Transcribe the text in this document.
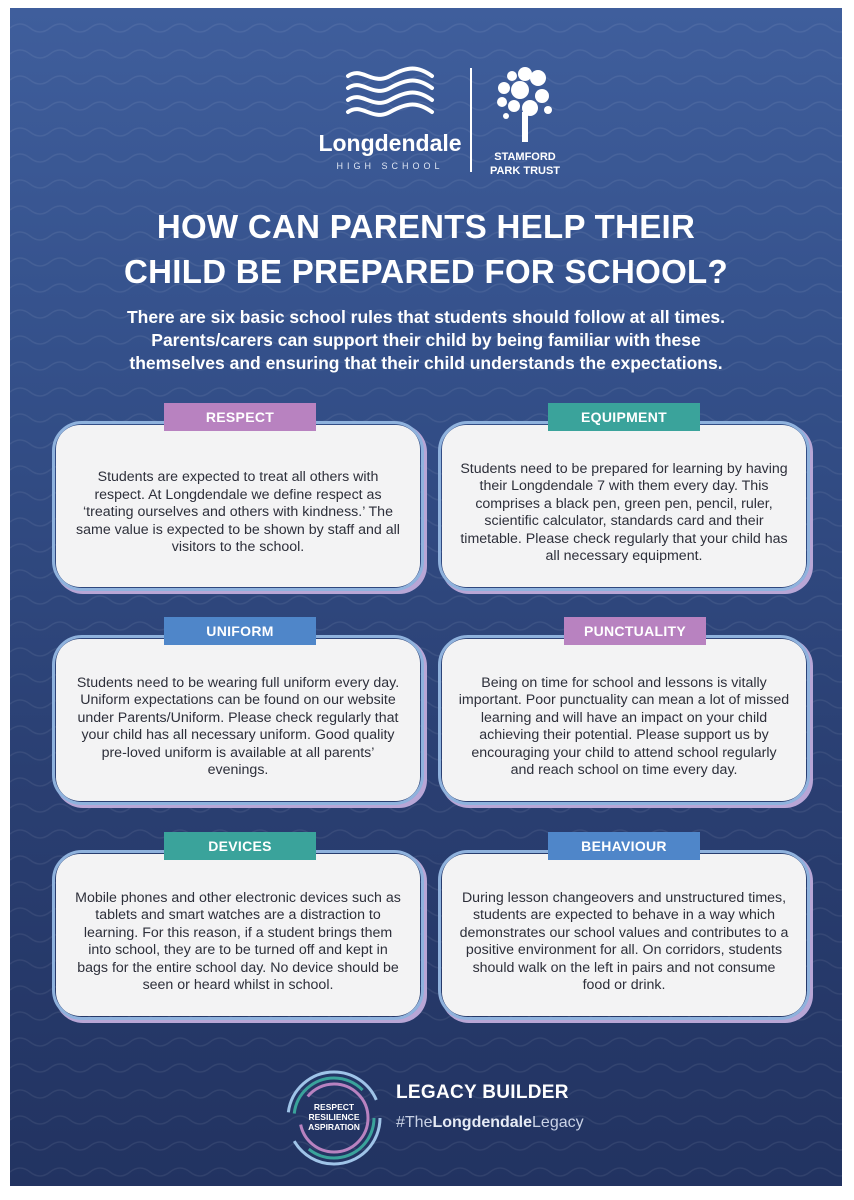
Longdendale
HIGH SCHOOL
STAMFORD
PARK TRUST
HOW CAN PARENTS HELP THEIR
CHILD BE PREPARED FOR SCHOOL?
There are six basic school rules that students should follow at all times.
Parents/carers can support their child by being familiar with these
themselves and ensuring that their child understands the expectations.
Students are expected to treat all others with respect. At Longdendale we define respect as ‘treating ourselves and others with kindness.’ The same value is expected to be shown by staff and all visitors to the school.
Students need to be prepared for learning by having their Longdendale 7 with them every day. This comprises a black pen, green pen, pencil, ruler, scientific calculator, standards card and their timetable. Please check regularly that your child has all necessary equipment.
Students need to be wearing full uniform every day. Uniform expectations can be found on our website under Parents/Uniform. Please check regularly that your child has all necessary uniform. Good quality pre-loved uniform is available at all parents’ evenings.
Being on time for school and lessons is vitally important. Poor punctuality can mean a lot of missed learning and will have an impact on your child achieving their potential. Please support us by encouraging your child to attend school regularly and reach school on time every day.
Mobile phones and other electronic devices such as tablets and smart watches are a distraction to learning. For this reason, if a student brings them into school, they are to be turned off and kept in bags for the entire school day. No device should be seen or heard whilst in school.
During lesson changeovers and unstructured times, students are expected to behave in a way which demonstrates our school values and contributes to a positive environment for all. On corridors, students should walk on the left in pairs and not consume food or drink.
RESPECT	EQUIPMENT
UNIFORM	PUNCTUALITY
DEVICES	BEHAVIOUR
RESPECT
RESILIENCE
ASPIRATION
LEGACY BUILDER
#TheLongdendaleLegacy
